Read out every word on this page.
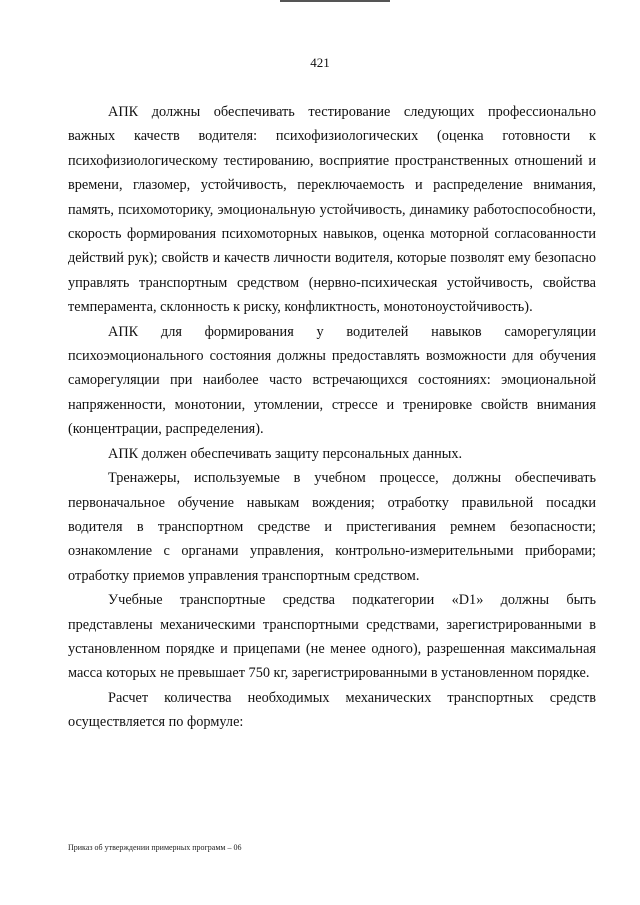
421

АПК должны обеспечивать тестирование следующих профессионально важных качеств водителя: психофизиологических (оценка готовности к психофизиологическому тестированию, восприятие пространственных отношений и времени, глазомер, устойчивость, переключаемость и распределение внимания, память, психомоторику, эмоциональную устойчивость, динамику работоспособности, скорость формирования психомоторных навыков, оценка моторной согласованности действий рук); свойств и качеств личности водителя, которые позволят ему безопасно управлять транспортным средством (нервно-психическая устойчивость, свойства темперамента, склонность к риску, конфликтность, монотоноустойчивость).

АПК для формирования у водителей навыков саморегуляции психоэмоционального состояния должны предоставлять возможности для обучения саморегуляции при наиболее часто встречающихся состояниях: эмоциональной напряженности, монотонии, утомлении, стрессе и тренировке свойств внимания (концентрации, распределения).

АПК должен обеспечивать защиту персональных данных.

Тренажеры, используемые в учебном процессе, должны обеспечивать первоначальное обучение навыкам вождения; отработку правильной посадки водителя в транспортном средстве и пристегивания ремнем безопасности; ознакомление с органами управления, контрольно-измерительными приборами; отработку приемов управления транспортным средством.

Учебные транспортные средства подкатегории «D1» должны быть представлены механическими транспортными средствами, зарегистрированными в установленном порядке и прицепами (не менее одного), разрешенная максимальная масса которых не превышает 750 кг, зарегистрированными в установленном порядке.

Расчет количества необходимых механических транспортных средств осуществляется по формуле:

Приказ об утверждении примерных программ – 06
